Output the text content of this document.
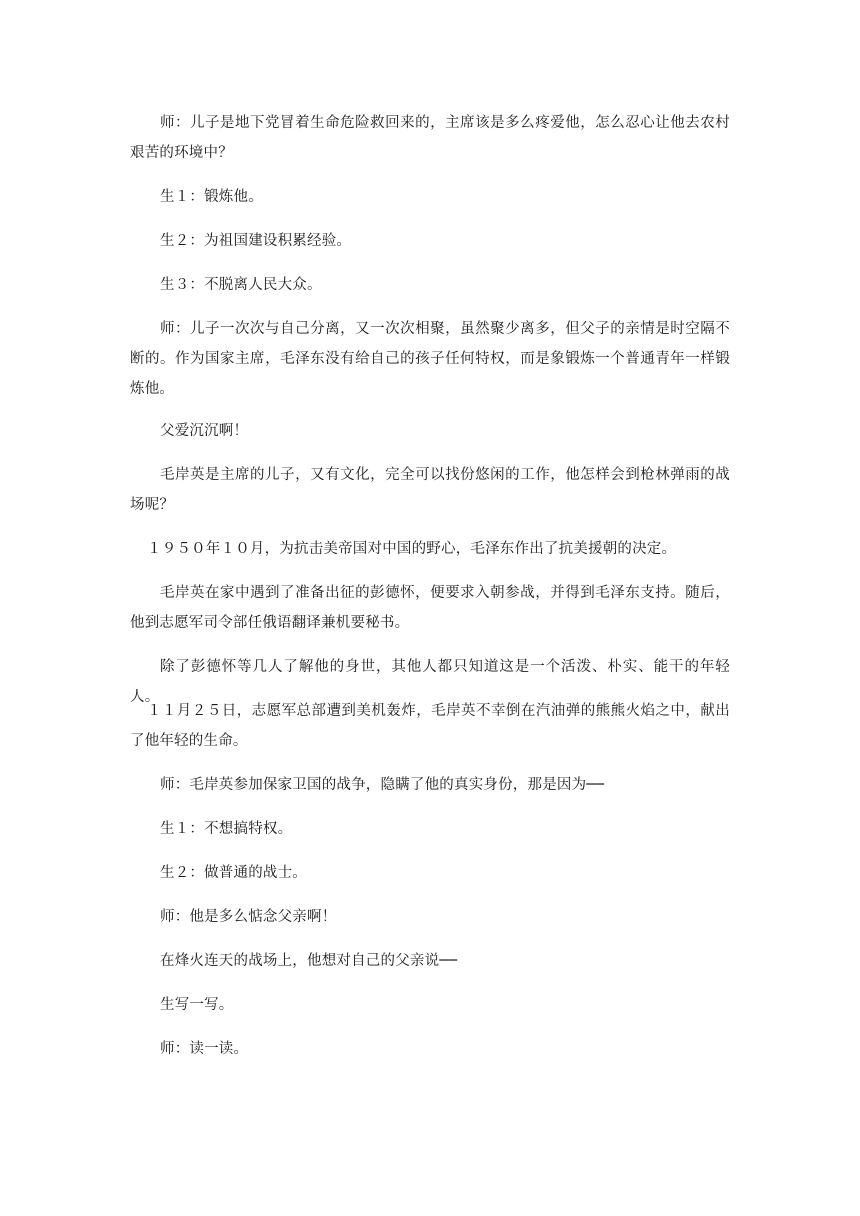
师：儿子是地下党冒着生命危险救回来的，主席该是多么疼爱他，怎么忍心让他去农村艰苦的环境中？

生１：锻炼他。

生２：为祖国建设积累经验。

生３：不脱离人民大众。

师：儿子一次次与自己分离，又一次次相聚，虽然聚少离多，但父子的亲情是时空隔不断的。作为国家主席，毛泽东没有给自己的孩子任何特权，而是象锻炼一个普通青年一样锻炼他。

父爱沉沉啊！

毛岸英是主席的儿子，又有文化，完全可以找份悠闲的工作，他怎样会到枪林弹雨的战场呢？

１９５０年１０月，为抗击美帝国对中国的野心，毛泽东作出了抗美援朝的决定。

毛岸英在家中遇到了准备出征的彭德怀，便要求入朝参战，并得到毛泽东支持。随后，他到志愿军司令部任俄语翻译兼机要秘书。

除了彭德怀等几人了解他的身世，其他人都只知道这是一个活泼、朴实、能干的年轻人。

１１月２５日，志愿军总部遭到美机轰炸，毛岸英不幸倒在汽油弹的熊熊火焰之中，献出了他年轻的生命。

师：毛岸英参加保家卫国的战争，隐瞒了他的真实身份，那是因为──

生１：不想搞特权。

生２：做普通的战士。

师：他是多么惦念父亲啊！

在烽火连天的战场上，他想对自己的父亲说──

生写一写。

师：读一读。
